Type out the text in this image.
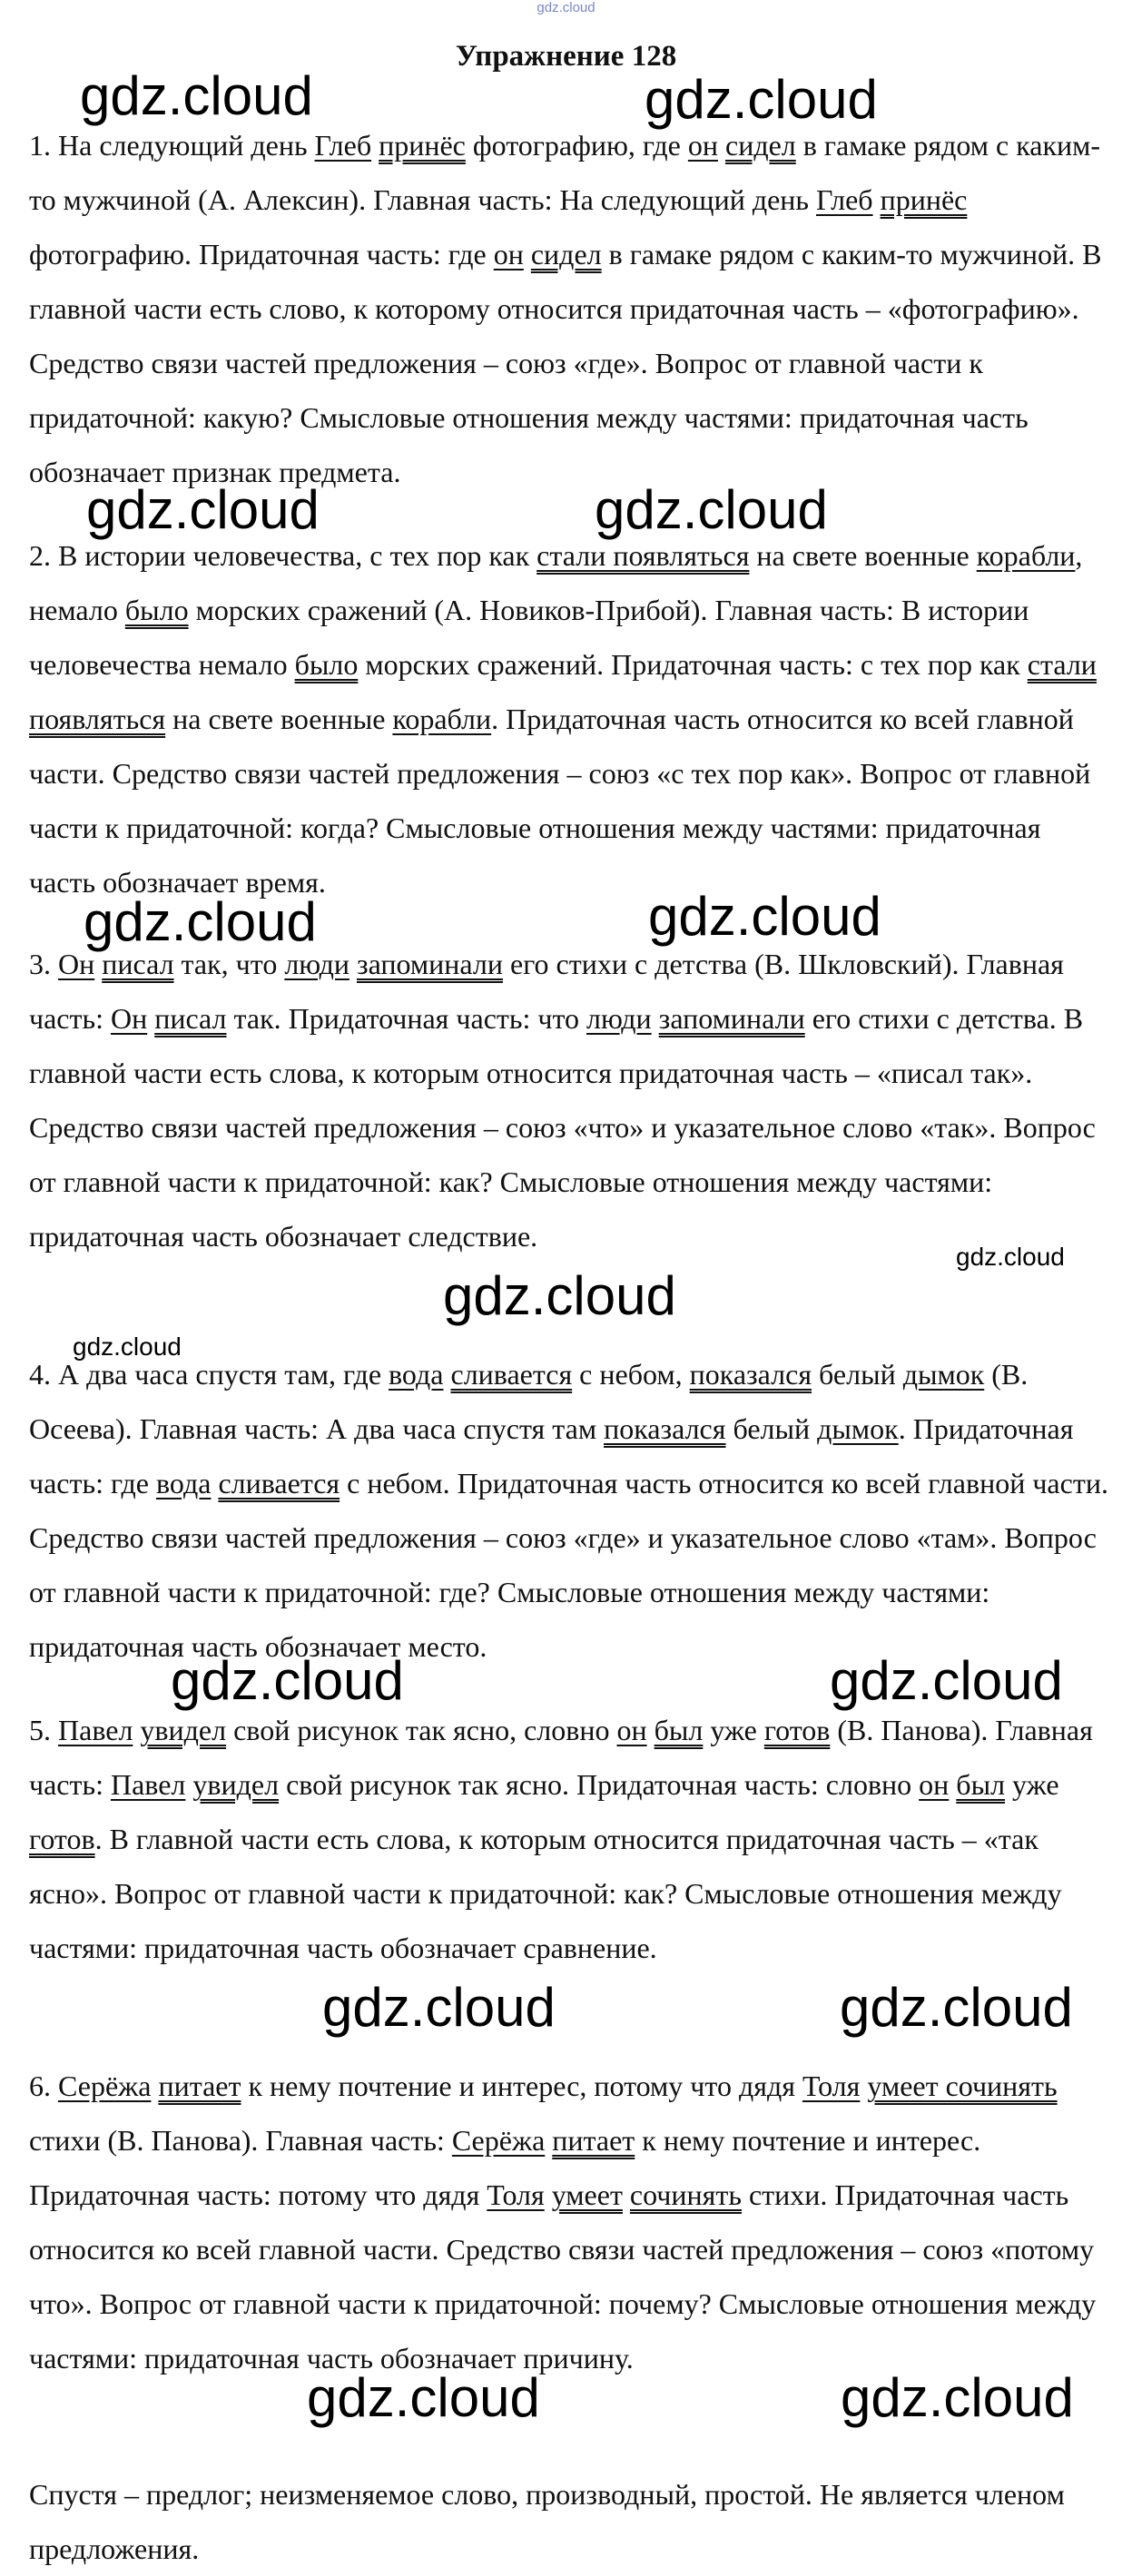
gdz.cloud
Упражнение 128
gdz.cloud	gdz.cloud
gdz.cloud	gdz.cloud
gdz.cloud	gdz.cloud
gdz.cloud
gdz.cloud
gdz.cloud
gdz.cloud	gdz.cloud
gdz.cloud	gdz.cloud
gdz.cloud	gdz.cloud

1. На следующий день Глеб принёс фотографию, где он сидел в гамаке рядом с каким-то мужчиной (А. Алексин). Главная часть: На следующий день Глеб принёс фотографию. Придаточная часть: где он сидел в гамаке рядом с каким-то мужчиной. В главной части есть слово, к которому относится придаточная часть – «фотографию». Средство связи частей предложения – союз «где». Вопрос от главной части к придаточной: какую? Смысловые отношения между частями: придаточная часть обозначает признак предмета.

2. В истории человечества, с тех пор как стали появляться на свете военные корабли, немало было морских сражений (А. Новиков-Прибой). Главная часть: В истории человечества немало было морских сражений. Придаточная часть: с тех пор как стали появляться на свете военные корабли. Придаточная часть относится ко всей главной части. Средство связи частей предложения – союз «с тех пор как». Вопрос от главной части к придаточной: когда? Смысловые отношения между частями: придаточная часть обозначает время.

3. Он писал так, что люди запоминали его стихи с детства (В. Шкловский). Главная часть: Он писал так. Придаточная часть: что люди запоминали его стихи с детства. В главной части есть слова, к которым относится придаточная часть – «писал так». Средство связи частей предложения – союз «что» и указательное слово «так». Вопрос от главной части к придаточной: как? Смысловые отношения между частями: придаточная часть обозначает следствие.

4. А два часа спустя там, где вода сливается с небом, показался белый дымок (В. Осеева). Главная часть: А два часа спустя там показался белый дымок. Придаточная часть: где вода сливается с небом. Придаточная часть относится ко всей главной части. Средство связи частей предложения – союз «где» и указательное слово «там». Вопрос от главной части к придаточной: где? Смысловые отношения между частями: придаточная часть обозначает место.

5. Павел увидел свой рисунок так ясно, словно он был уже готов (В. Панова). Главная часть: Павел увидел свой рисунок так ясно. Придаточная часть: словно он был уже готов. В главной части есть слова, к которым относится придаточная часть – «так ясно». Вопрос от главной части к придаточной: как? Смысловые отношения между частями: придаточная часть обозначает сравнение.

6. Серёжа питает к нему почтение и интерес, потому что дядя Толя умеет сочинять стихи (В. Панова). Главная часть: Серёжа питает к нему почтение и интерес. Придаточная часть: потому что дядя Толя умеет сочинять стихи. Придаточная часть относится ко всей главной части. Средство связи частей предложения – союз «потому что». Вопрос от главной части к придаточной: почему? Смысловые отношения между частями: придаточная часть обозначает причину.

Спустя – предлог; неизменяемое слово, производный, простой. Не является членом предложения.
